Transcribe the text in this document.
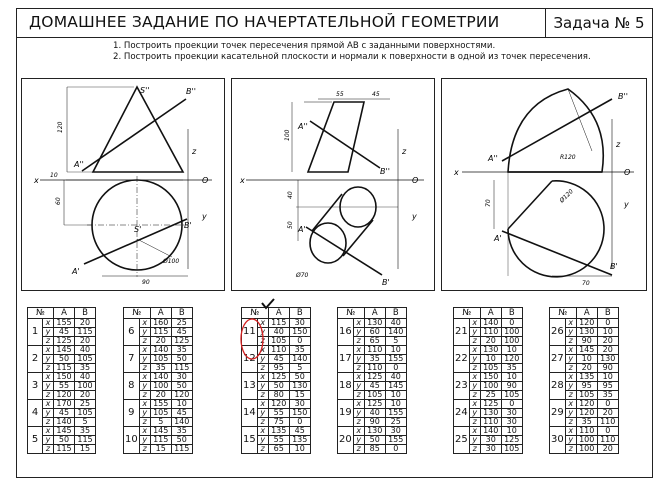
ДОМАШНЕЕ ЗАДАНИЕ ПО НАЧЕРТАТЕЛЬНОЙ ГЕОМЕТРИИ	Задача № 5
1. Построить проекции точек пересечения прямой АВ с заданными поверхностями.
2. Построить проекции касательной плоскости и нормали к поверхности в одной из точек пересечения.
S''	B''
A''
S'	B'
A'
x
z
O
y
120
10
60
Ø100
90
55	45
100
40
50
Ø70
A''
B''
A'
B'
x
z
O
y
B''
A''	R120
Ø120
70
70
A'
B'
x
z
O
y
№		A	B
1	x	155	20
	y	45	115
	z	125	20
2	x	145	40
	y	50	105
	z	115	35
3	x	150	40
	y	55	100
	z	120	20
4	x	170	25
	y	45	105
	z	140	5
5	x	145	35
	y	50	115
	z	115	15
№		A	B
6	x	160	25
	y	115	45
	z	20	125
7	x	140	35
	y	105	50
	z	35	115
8	x	140	30
	y	100	50
	z	20	120
9	x	155	10
	y	105	45
	z	5	140
10	x	145	35
	y	115	50
	z	15	115
№		A	B
11	x	115	30
	y	40	150
	z	105	0
12	x	110	35
	y	45	140
	z	95	5
13	x	125	50
	y	50	130
	z	80	15
14	x	120	30
	y	55	150
	z	75	0
15	x	135	45
	y	55	135
	z	65	10
№		A	B
16	x	130	40
	y	60	140
	z	65	5
17	x	110	10
	y	35	155
	z	110	0
18	x	125	40
	y	45	145
	z	105	10
19	x	125	10
	y	40	155
	z	90	25
20	x	130	30
	y	50	155
	z	85	0
№		A	B
21	x	140	0
	y	110	100
	z	20	100
22	x	130	10
	y	10	120
	z	105	35
23	x	150	10
	y	100	90
	z	25	105
24	x	125	0
	y	130	30
	z	110	30
25	x	140	10
	y	30	125
	z	30	105
№		A	B
26	x	120	0
	y	130	10
	z	90	20
27	x	145	20
	y	10	130
	z	20	90
28	x	135	10
	y	95	95
	z	105	35
29	x	120	0
	y	120	20
	z	35	110
30	x	110	0
	y	100	110
	z	100	20
